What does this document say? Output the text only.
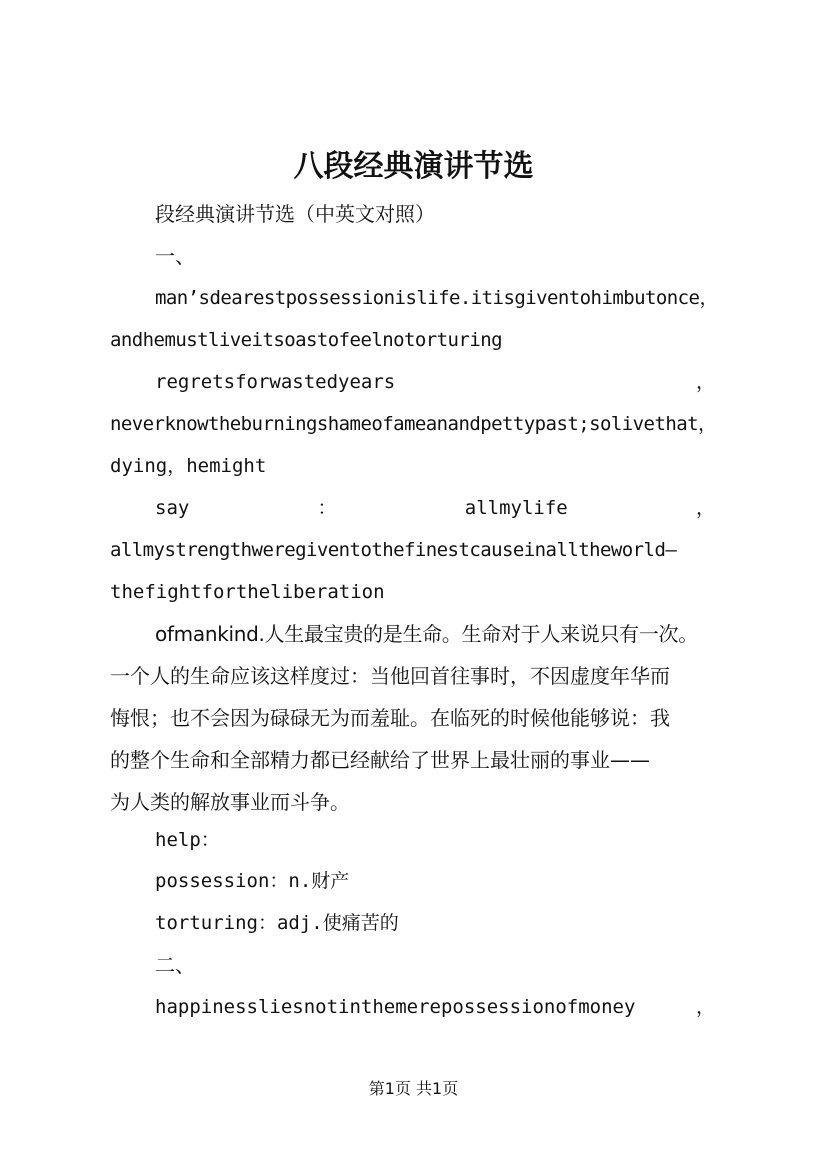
八段经典演讲节选
段经典演讲节选（中英文对照）
一、
man’sdearestpossessionislife.itisgiventohimbutonce，
andhemustliveitsoastofeelnotorturing
regretsforwastedyears	，
neverknowtheburningshameofameanandpettypast;solivethat，
dying，hemight
say	：	allmylife	，
allmystrengthweregiventothefinestcauseinalltheworld—
thefightfortheliberation
ofmankind.人生最宝贵的是生命。生命对于人来说只有一次。
一个人的生命应该这样度过：当他回首往事时，不因虚度年华而
悔恨；也不会因为碌碌无为而羞耻。在临死的时候他能够说：我
的整个生命和全部精力都已经献给了世界上最壮丽的事业——
为人类的解放事业而斗争。
help：
possession：n.财产
torturing：adj.使痛苦的
二、
happinessliesnotinthemerepossessionofmoney	，
第1页 共1页
